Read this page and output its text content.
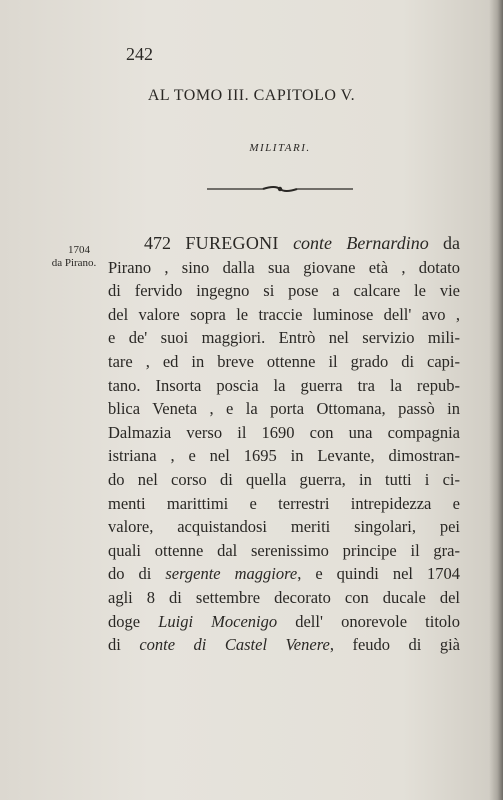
242
AL TOMO III. CAPITOLO V.
MILITARI.
1704
da Pirano.
472 FUREGONI conte Bernardino da
Pirano , sino dalla sua giovane età , dotato
di fervido ingegno si pose a calcare le vie
del valore sopra le traccie luminose dell' avo ,
e de' suoi maggiori. Entrò nel servizio mili-
tare , ed in breve ottenne il grado di capi-
tano. Insorta poscia la guerra tra la repub-
blica Veneta , e la porta Ottomana, passò in
Dalmazia verso il 1690 con una compagnia
istriana , e nel 1695 in Levante, dimostran-
do nel corso di quella guerra, in tutti i ci-
menti marittimi e terrestri intrepidezza e
valore, acquistandosi meriti singolari, pei
quali ottenne dal serenissimo principe il gra-
do di sergente maggiore, e quindi nel 1704
agli 8 di settembre decorato con ducale del
doge Luigi Mocenigo dell' onorevole titolo
di conte di Castel Venere, feudo di già
